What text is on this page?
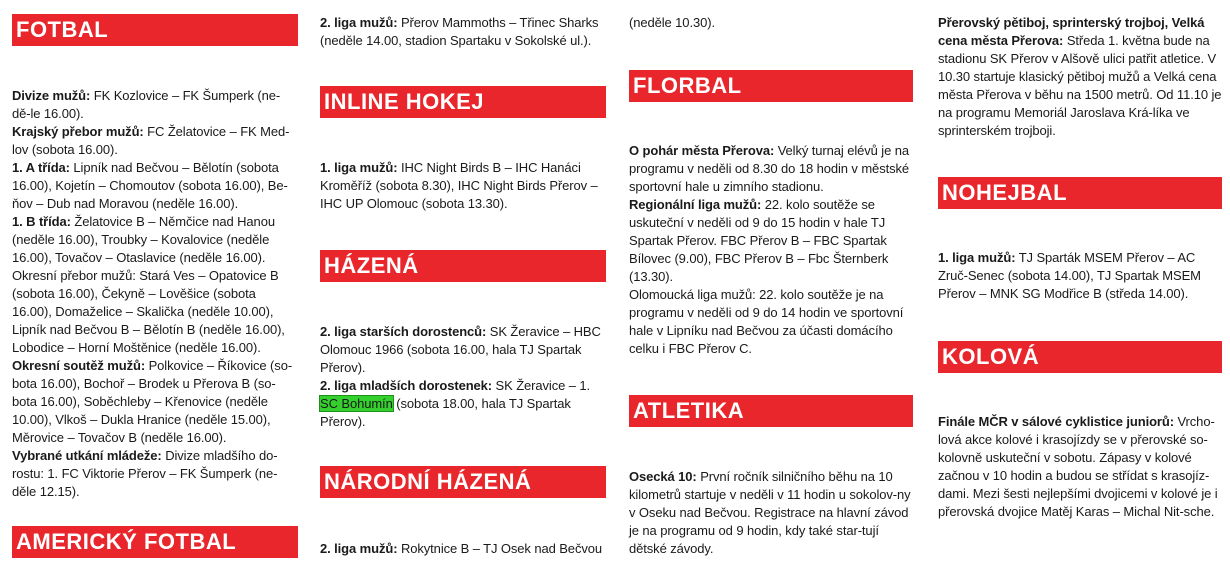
FOTBAL

Divize mužů: FK Kozlovice – FK Šumperk (ne-dě-le 16.00).
Krajský přebor mužů: FC Želatovice – FK Med-lov (sobota 16.00).
1. A třída: Lipník nad Bečvou – Bělotín (sobota 16.00), Kojetín – Chomoutov (sobota 16.00), Be-ňov – Dub nad Moravou (neděle 16.00).
1. B třída: Želatovice B – Němčice nad Hanou (neděle 16.00), Troubky – Kovalovice (neděle 16.00), Tovačov – Otaslavice (neděle 16.00).
Okresní přebor mužů: Stará Ves – Opatovice B (sobota 16.00), Čekyně – Lověšice (sobota 16.00), Domaželice – Skalička (neděle 10.00), Lipník nad Bečvou B – Bělotín B (neděle 16.00), Lobodice – Horní Moštěnice (neděle 16.00).
Okresní soutěž mužů: Polkovice – Říkovice (so-bota 16.00), Bochoř – Brodek u Přerova B (so-bota 16.00), Soběchleby – Křenovice (neděle 10.00), Vlkoš – Dukla Hranice (neděle 15.00), Měrovice – Tovačov B (neděle 16.00).
Vybrané utkání mládeže: Divize mladšího do-rostu: 1. FC Viktorie Přerov – FK Šumperk (ne-děle 12.15).

AMERICKÝ FOTBAL

2. liga mužů: Přerov Mammoths – Třinec Sharks (neděle 14.00, stadion Spartaku v Sokolské ul.).

INLINE HOKEJ

1. liga mužů: IHC Night Birds B – IHC Hanáci Kroměříž (sobota 8.30), IHC Night Birds Přerov – IHC UP Olomouc (sobota 13.30).

HÁZENÁ

2. liga starších dorostenců: SK Žeravice – HBC Olomouc 1966 (sobota 16.00, hala TJ Spartak Přerov).
2. liga mladších dorostenek: SK Žeravice – 1. SC Bohumín (sobota 18.00, hala TJ Spartak Přerov).

NÁRODNÍ HÁZENÁ

2. liga mužů: Rokytnice B – TJ Osek nad Bečvou

(neděle 10.30).

FLORBAL

O pohár města Přerova: Velký turnaj elévů je na programu v neděli od 8.30 do 18 hodin v městské sportovní hale u zimního stadionu.
Regionální liga mužů: 22. kolo soutěže se uskuteční v neděli od 9 do 15 hodin v hale TJ Spartak Přerov. FBC Přerov B – FBC Spartak Bílovec (9.00), FBC Přerov B – Fbc Šternberk (13.30).
Olomoucká liga mužů: 22. kolo soutěže je na programu v neděli od 9 do 14 hodin ve sportovní hale v Lipníku nad Bečvou za účasti domácího celku i FBC Přerov C.

ATLETIKA

Osecká 10: První ročník silničního běhu na 10 kilometrů startuje v neděli v 11 hodin u sokolov-ny v Oseku nad Bečvou. Registrace na hlavní závod je na programu od 9 hodin, kdy také star-tují dětské závody.

Přerovský pětiboj, sprinterský trojboj, Velká cena města Přerova: Středa 1. května bude na stadionu SK Přerov v Alšově ulici patřit atletice. V 10.30 startuje klasický pětiboj mužů a Velká cena města Přerova v běhu na 1500 metrů. Od 11.10 je na programu Memoriál Jaroslava Krá-líka ve sprinterském trojboji.

NOHEJBAL

1. liga mužů: TJ Sparták MSEM Přerov – AC Zruč-Senec (sobota 14.00), TJ Spartak MSEM Přerov – MNK SG Modřice B (středa 14.00).

KOLOVÁ

Finále MČR v sálové cyklistice juniorů: Vrcho-lová akce kolové i krasojízdy se v přerovské so-kolovně uskuteční v sobotu. Zápasy v kolové začnou v 10 hodin a budou se střídat s krasojíz-dami. Mezi šesti nejlepšími dvojicemi v kolové je i přerovská dvojice Matěj Karas – Michal Nit-sche.
